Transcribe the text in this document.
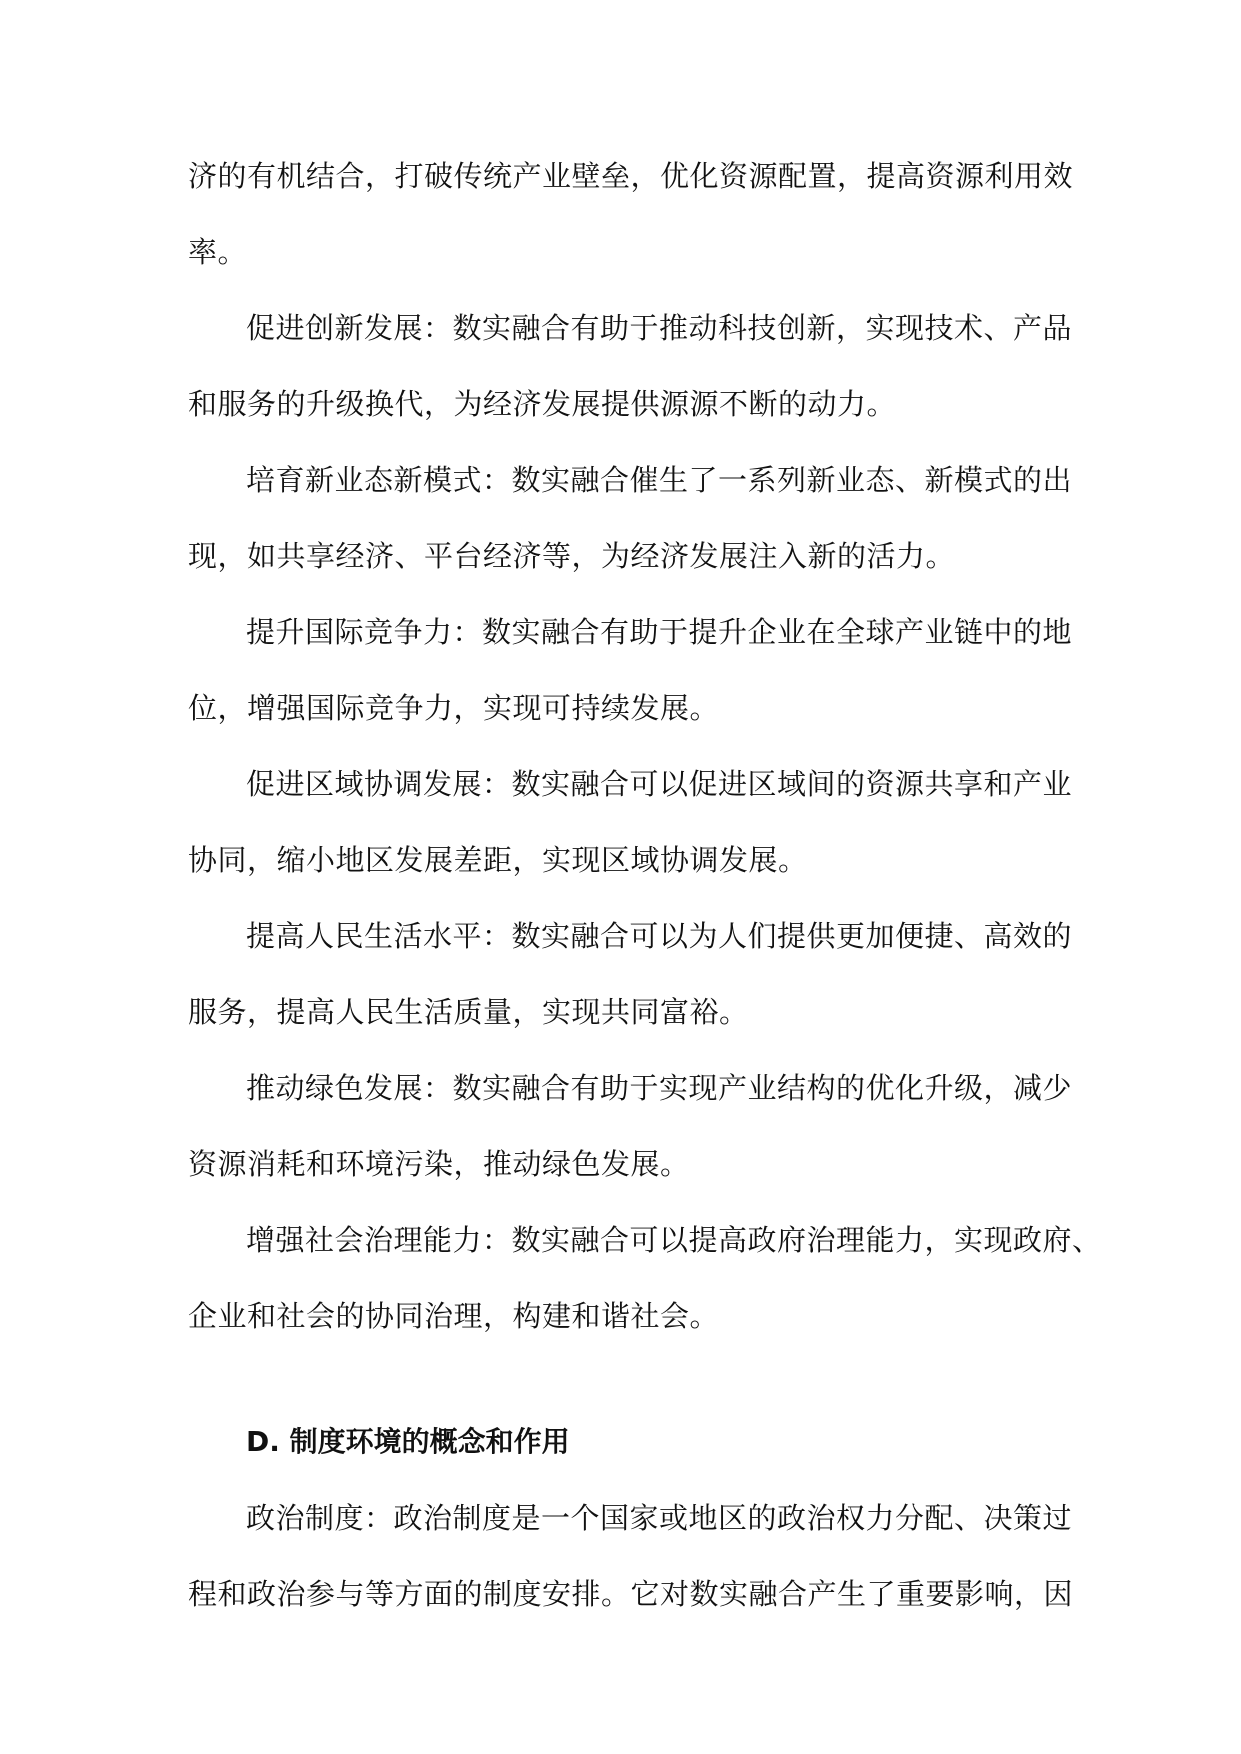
济的有机结合，打破传统产业壁垒，优化资源配置，提高资源利用效
率。
促进创新发展：数实融合有助于推动科技创新，实现技术、产品
和服务的升级换代，为经济发展提供源源不断的动力。
培育新业态新模式：数实融合催生了一系列新业态、新模式的出
现，如共享经济、平台经济等，为经济发展注入新的活力。
提升国际竞争力：数实融合有助于提升企业在全球产业链中的地
位，增强国际竞争力，实现可持续发展。
促进区域协调发展：数实融合可以促进区域间的资源共享和产业
协同，缩小地区发展差距，实现区域协调发展。
提高人民生活水平：数实融合可以为人们提供更加便捷、高效的
服务，提高人民生活质量，实现共同富裕。
推动绿色发展：数实融合有助于实现产业结构的优化升级，减少
资源消耗和环境污染，推动绿色发展。
增强社会治理能力：数实融合可以提高政府治理能力，实现政府、
企业和社会的协同治理，构建和谐社会。
D. 制度环境的概念和作用
政治制度：政治制度是一个国家或地区的政治权力分配、决策过
程和政治参与等方面的制度安排。它对数实融合产生了重要影响，因
